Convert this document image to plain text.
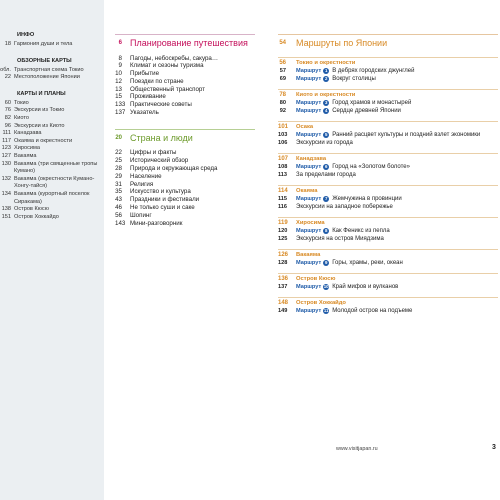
ИНФО
18 Гармония души и тела
ОБЗОРНЫЕ КАРТЫ
обл. Транспортная схема Токио
22 Местоположение Японии
КАРТЫ И ПЛАНЫ
60 Токио
76 Экскурсии из Токио
82 Киото
96 Экскурсии из Киото
111 Канадзава
117 Окаяма и окрестности
123 Хиросима
127 Вакаяма
130 Вакаяма (три священные тропы Кумано)
132 Вакаяма (окрестности Кумано-Хонгу-тайся)
134 Вакаяма (курортный поселок Сиракама)
138 Остров Кюсю
151 Остров Хоккайдо
6 Планирование путешествия
8	Пагоды, небоскребы, сакура…
9	Климат и сезоны туризма
10	Прибытие
12	Поездки по стране
13	Общественный транспорт
15	Проживание
133 Практические советы
137 Указатель
20 Страна и люди
22	Цифры и факты
25	Исторический обзор
28	Природа и окружающая среда
29	Население
31	Религия
35	Искусство и культура
43	Праздники и фестивали
46	Не только суши и саке
56	Шопинг
143 Мини-разговорник
54	Маршруты по Японии
56	Токио и окрестности
57	Маршрут 1 В дебрях городских джунглей
69	Маршрут 2 Вокруг столицы
78	Киото и окрестности
80	Маршрут 3 Город храмов и монастырей
92	Маршрут 4 Сердце древней Японии
101	Осака
103	Маршрут 5 Ранний расцвет культуры и поздний взлет экономики
106	Экскурсии из города
107	Канадзава
108	Маршрут 6 Город на «Золотом болоте»
113	За пределами города
114	Окаяма
115	Маршрут 7 Жемчужина в провинции
116	Экскурсии на западное побережье
119	Хиросима
120	Маршрут 8 Как Феникс из пепла
125	Экскурсия на остров Миядзима
126	Вакаяма
128	Маршрут 9 Горы, храмы, реки, океан
136	Остров Кюсю
137	Маршрут 10 Край мифов и вулканов
148	Остров Хоккайдо
149	Маршрут 11 Молодой остров на подъеме
www.visitjapan.ru	3
